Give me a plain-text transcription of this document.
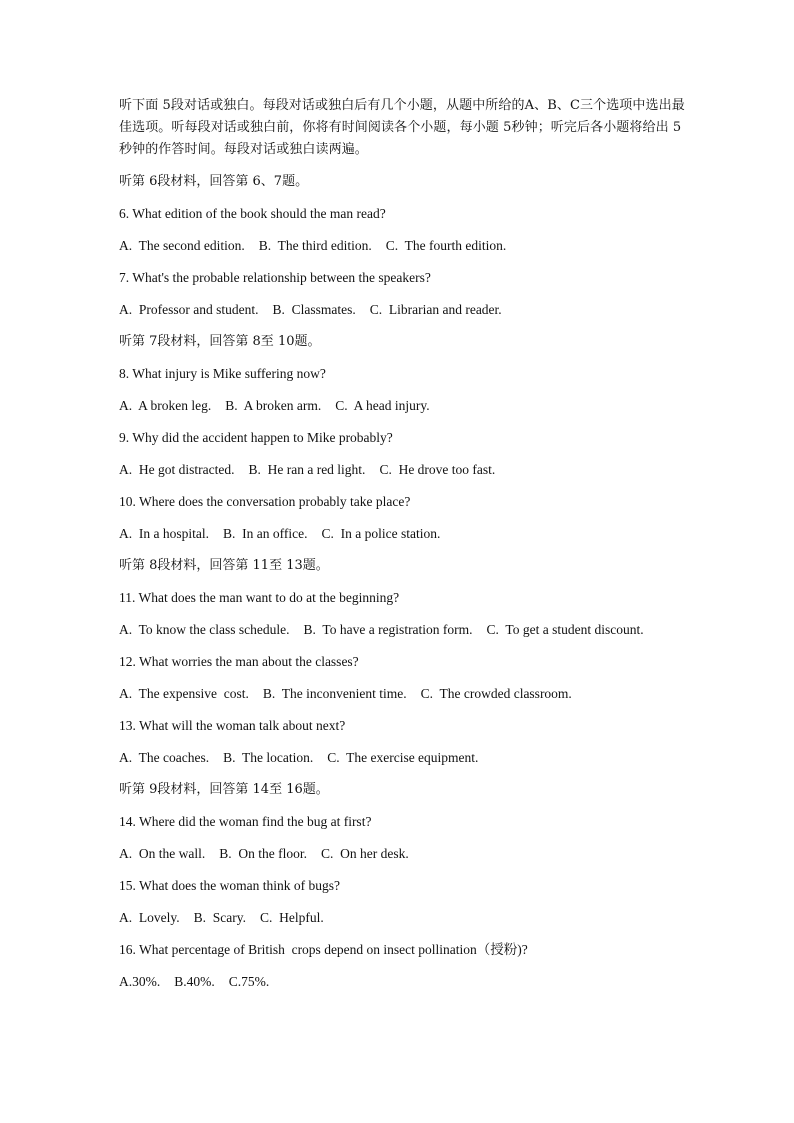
听下面 5段对话或独白。每段对话或独白后有几个小题，从题中所给的A、B、C三个选项中选出最佳选项。听每段对话或独白前，你将有时间阅读各个小题，每小题 5秒钟；听完后各小题将给出 5秒钟的作答时间。每段对话或独白读两遍。

听第 6段材料，回答第 6、7题。
6. What edition of the book should the man read?
A.  The second edition. B.  The third edition. C.  The fourth edition.
7. What's the probable relationship between the speakers?
A.  Professor and student. B.  Classmates. C.  Librarian and reader.
听第 7段材料，回答第 8至 10题。
8. What injury is Mike suffering now?
A.  A broken leg. B.  A broken arm. C.  A head injury.
9. Why did the accident happen to Mike probably?
A.  He got distracted. B.  He ran a red light. C.  He drove too fast.
10. Where does the conversation probably take place?
A.  In a hospital. B.  In an office. C.  In a police station.
听第 8段材料，回答第 11至 13题。
11. What does the man want to do at the beginning?
A.  To know the class schedule. B.  To have a registration form. C.  To get a student discount.
12. What worries the man about the classes?
A.  The expensive  cost. B.  The inconvenient time. C.  The crowded classroom.
13. What will the woman talk about next?
A.  The coaches. B.  The location. C.  The exercise equipment.
听第 9段材料，回答第 14至 16题。
14. Where did the woman find the bug at first?
A.  On the wall. B.  On the floor. C.  On her desk.
15. What does the woman think of bugs?
A.  Lovely. B.  Scary. C.  Helpful.
16. What percentage of British  crops depend on insect pollination（授粉)?
A.30%. B.40%. C.75%.
